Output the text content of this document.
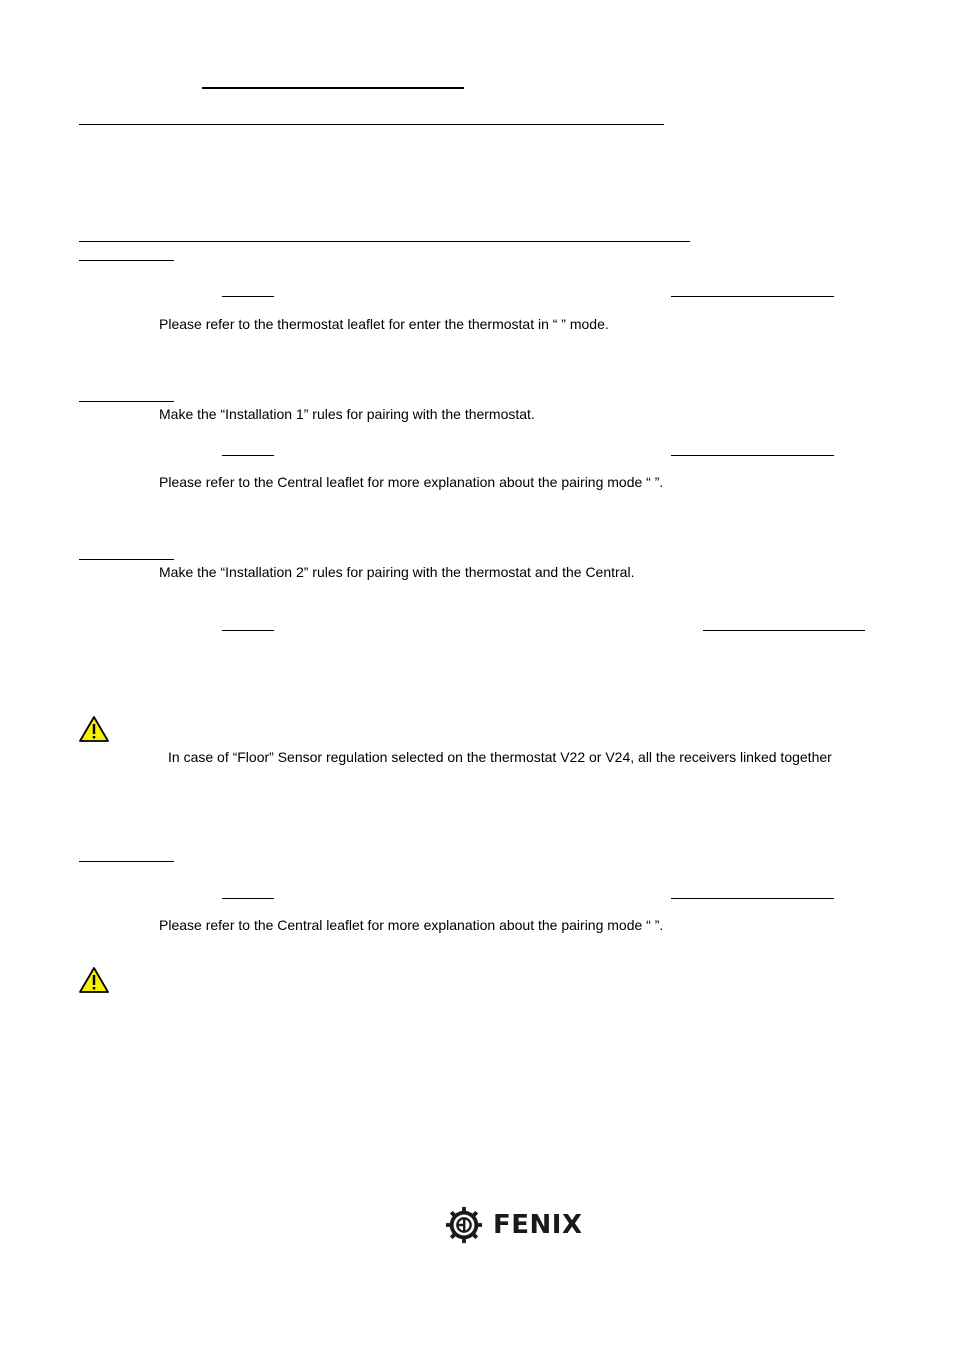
Please refer to the thermostat leaflet for enter the thermostat in “ ” mode.
Make the “Installation 1” rules for pairing with the thermostat.
Please refer to the Central leaflet for more explanation about the pairing mode “ ”.
Make the “Installation 2” rules for pairing with the thermostat and the Central.
In case of “Floor” Sensor regulation selected on the thermostat V22 or V24, all the receivers linked together
Please refer to the Central leaflet for more explanation about the pairing mode “ ”.
FENIX
